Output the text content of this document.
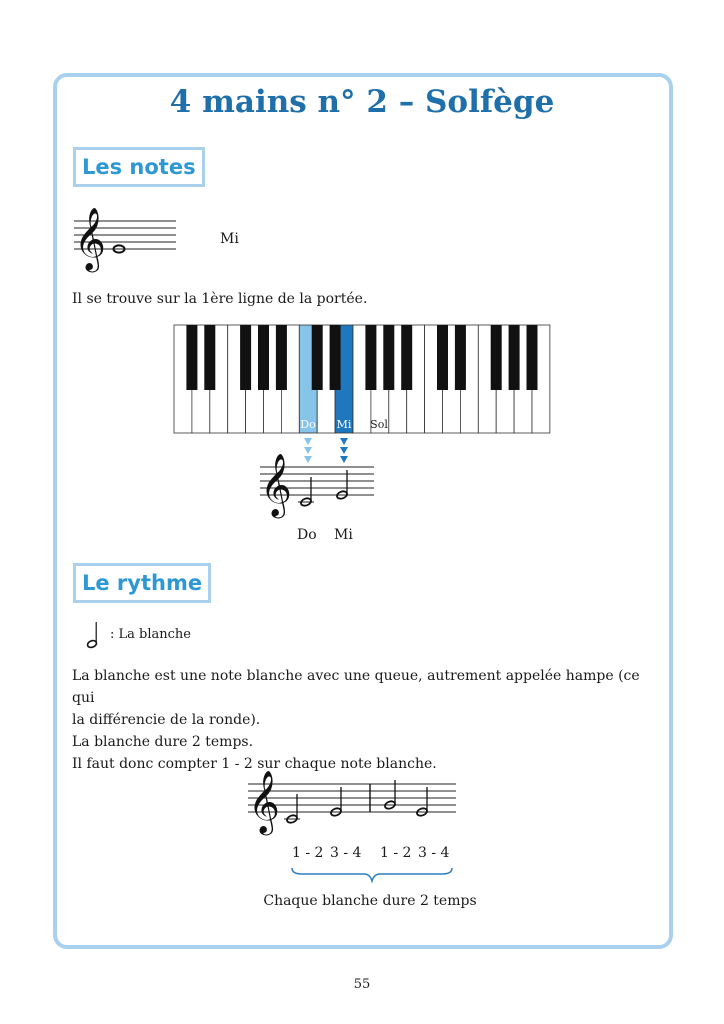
4 mains n° 2 – Solfège
Les notes
𝄞	Mi

Il se trouve sur la 1ère ligne de la portée.

Do Mi Sol
𝄞
Do Mi
Le rythme
: La blanche
La blanche est une note blanche avec une queue, autrement appelée hampe (ce qui
la différencie de la ronde).
La blanche dure 2 temps.
Il faut donc compter 1 - 2 sur chaque note blanche.
𝄞
1 - 2 3 - 4 1 - 2 3 - 4
Chaque blanche dure 2 temps
55
